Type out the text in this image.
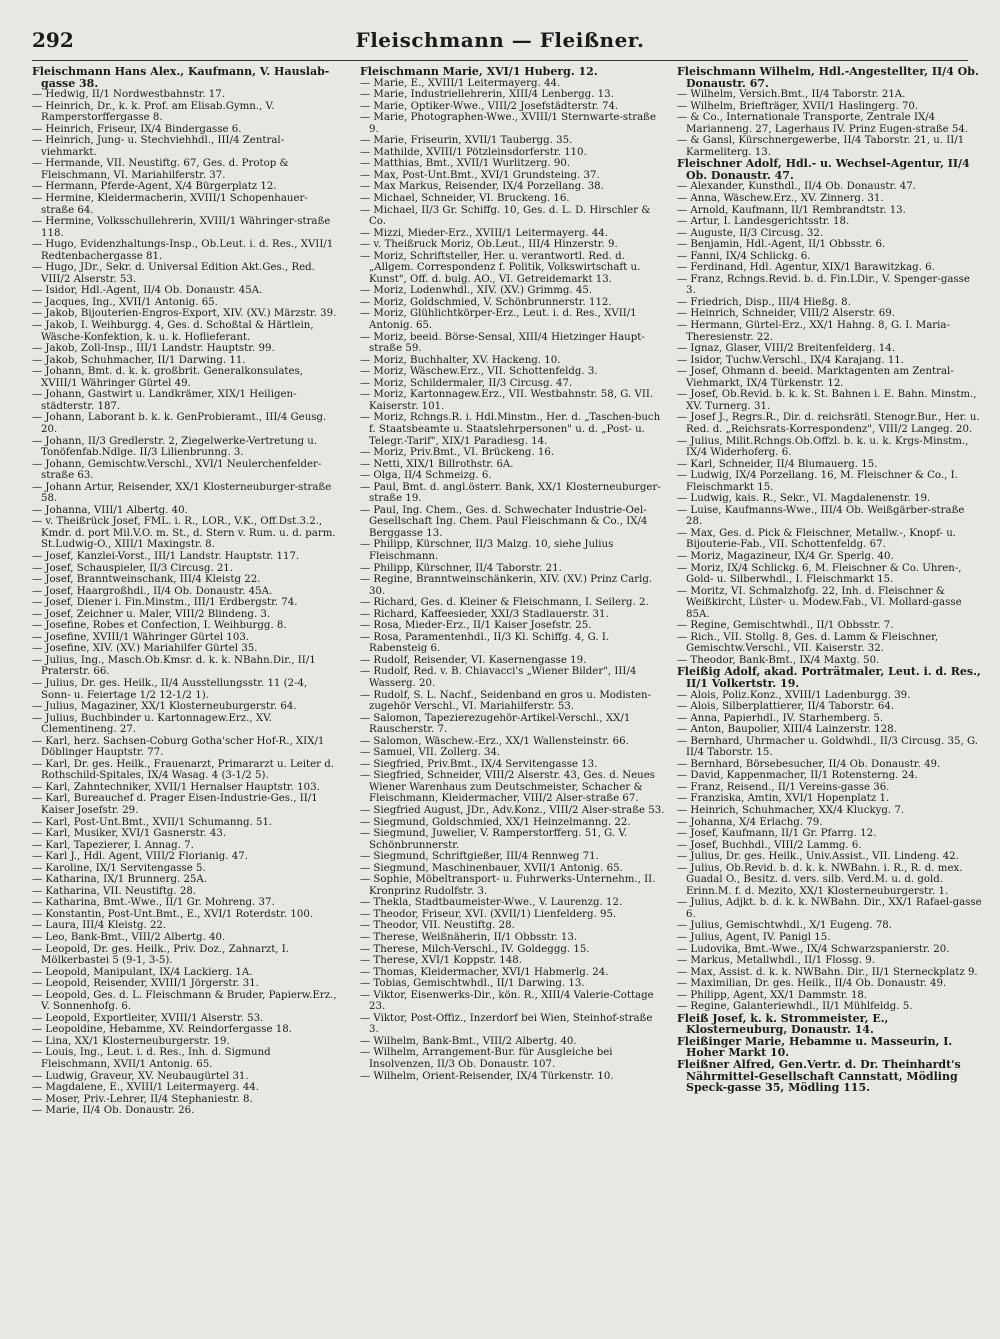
292	Fleischmann — Fleißner.

Fleischmann Hans Alex., Kaufmann, V. Hauslab-gasse 38.

— Hedwig, II/1 Nordwestbahnstr. 17.

— Heinrich, Dr., k. k. Prof. am Elisab.Gymn., V. Ramperstorffergasse 8.

— Heinrich, Friseur, IX/4 Bindergasse 6.

— Heinrich, Jung- u. Stechviehhdl., III/4 Zentral-viehmarkt.

— Hermande, VII. Neustiftg. 67, Ges. d. Protop & Fleischmann, VI. Mariahilferstr. 37.

— Hermann, Pferde-Agent, X/4 Bürgerplatz 12.

— Hermine, Kleidermacherin, XVIII/1 Schopenhauer-straße 64.

— Hermine, Volksschullehrerin, XVIII/1 Währinger-straße 118.

— Hugo, Evidenzhaltungs-Insp., Ob.Leut. i. d. Res., XVII/1 Redtenbachergasse 81.

— Hugo, JDr., Sekr. d. Universal Edition Akt.Ges., Red. VIII/2 Alserstr. 53.

— Isidor, Hdl.-Agent, II/4 Ob. Donaustr. 45A.

— Jacques, Ing., XVII/1 Antonig. 65.

— Jakob, Bijouterien-Engros-Export, XIV. (XV.) Märzstr. 39.

— Jakob, I. Weihburgg. 4, Ges. d. Schoßtal & Härtlein, Wäsche-Konfektion, k. u. k. Hoflieferant.

— Jakob, Zoll-Insp., III/1 Landstr. Hauptstr. 99.

— Jakob, Schuhmacher, II/1 Darwing. 11.

— Johann, Bmt. d. k. k. großbrit. Generalkonsulates, XVIII/1 Währinger Gürtel 49.

— Johann, Gastwirt u. Landkrämer, XIX/1 Heiligen-städterstr. 187.

— Johann, Laborant b. k. k. GenProbieramt., III/4 Geusg. 20.

— Johann, II/3 Gredlerstr. 2, Ziegelwerke-Vertretung u. Tonöfenfab.Ndlge. II/3 Lilienbrunng. 3.

— Johann, Gemischtw.Verschl., XVI/1 Neulerchenfelder-straße 63.

— Johann Artur, Reisender, XX/1 Klosterneuburger-straße 58.

— Johanna, VIII/1 Albertg. 40.

— v. Theißrück Josef, FML. i. R., LOR., V.K., Off.Dst.3.2., Kmdr. d. port Mil.V.O. m. St., d. Stern v. Rum. u. d. parm. St.Ludwig-O., XIII/1 Maxingstr. 8.

— Josef, Kanzlei-Vorst., III/1 Landstr. Hauptstr. 117.

— Josef, Schauspieler, II/3 Circusg. 21.

— Josef, Branntweinschank, III/4 Kleistg 22.

— Josef, Haargroßhdl., II/4 Ob. Donaustr. 45A.

— Josef, Diener i. Fin.Minstm., III/1 Erdbergstr. 74.

— Josef, Zeichner u. Maler, VIII/2 Blindeng. 3.

— Josefine, Robes et Confection, I. Weihburgg. 8.

— Josefine, XVIII/1 Währinger Gürtel 103.

— Josefine, XIV. (XV.) Mariahilfer Gürtel 35.

— Julius, Ing., Masch.Ob.Kmsr. d. k. k. NBahn.Dir., II/1 Praterstr. 66.

— Julius, Dr. ges. Heilk., II/4 Ausstellungsstr. 11 (2-4, Sonn- u. Feiertage 1/2 12-1/2 1).

— Julius, Magaziner, XX/1 Klosterneuburgerstr. 64.

— Julius, Buchbinder u. Kartonnagew.Erz., XV. Clementineng. 27.

— Karl, herz. Sachsen-Coburg Gotha'scher Hof-R., XIX/1 Döblinger Hauptstr. 77.

— Karl, Dr. ges. Heilk., Frauenarzt, Primararzt u. Leiter d. Rothschild-Spitales, IX/4 Wasag. 4 (3-1/2 5).

— Karl, Zahntechniker, XVII/1 Hernalser Hauptstr. 103.

— Karl, Bureauchef d. Prager Eisen-Industrie-Ges., II/1 Kaiser Josefstr. 29.

— Karl, Post-Unt.Bmt., XVII/1 Schumanng. 51.

— Karl, Musiker, XVI/1 Gasnerstr. 43.

— Karl, Tapezierer, I. Annag. 7.

— Karl J., Hdl. Agent, VIII/2 Florianig. 47.

— Karoline, IX/1 Servitengasse 5.

— Katharina, IX/1 Brunnerg. 25A.

— Katharina, VII. Neustiftg. 28.

— Katharina, Bmt.-Wwe., II/1 Gr. Mohreng. 37.

— Konstantin, Post-Unt.Bmt., E., XVI/1 Roterdstr. 100.

— Laura, III/4 Kleistg. 22.

— Leo, Bank-Bmt., VIII/2 Albertg. 40.

— Leopold, Dr. ges. Heilk., Priv. Doz., Zahnarzt, I. Mölkerbastei 5 (9-1, 3-5).

— Leopold, Manipulant, IX/4 Lackierg. 1A.

— Leopold, Reisender, XVIII/1 Jörgerstr. 31.

— Leopold, Ges. d. L. Fleischmann & Bruder, Papierw.Erz., V. Sonnenhofg. 6.

— Leopold, Exportleiter, XVIII/1 Alserstr. 53.

— Leopoldine, Hebamme, XV. Reindorfergasse 18.

— Lina, XX/1 Klosterneuburgerstr. 19.

— Louis, Ing., Leut. i. d. Res., Inh. d. Sigmund Fleischmann, XVII/1 Antonig. 65.

— Ludwig, Graveur, XV. Neubaugürtel 31.

— Magdalene, E., XVIII/1 Leitermayerg. 44.

— Moser, Priv.-Lehrer, II/4 Stephaniestr. 8.

— Marie, II/4 Ob. Donaustr. 26.

Fleischmann Marie, XVI/1 Huberg. 12.

— Marie, E., XVIII/1 Leitermayerg. 44.

— Marie, Industriellehrerin, XIII/4 Lenbergg. 13.

— Marie, Optiker-Wwe., VIII/2 Josefstädterstr. 74.

— Marie, Photographen-Wwe., XVIII/1 Sternwarte-straße 9.

— Marie, Friseurin, XVII/1 Taubergg. 35.

— Mathilde, XVIII/1 Pötzleinsdorferstr. 110.

— Matthias, Bmt., XVII/1 Wurlitzerg. 90.

— Max, Post-Unt.Bmt., XVI/1 Grundsteing. 37.

— Max Markus, Reisender, IX/4 Porzellang. 38.

— Michael, Schneider, VI. Bruckeng. 16.

— Michael, II/3 Gr. Schiffg. 10, Ges. d. L. D. Hirschler & Co.

— Mizzi, Mieder-Erz., XVIII/1 Leitermayerg. 44.

— v. Theißruck Moriz, Ob.Leut., III/4 Hinzerstr. 9.

— Moriz, Schriftsteller, Her. u. verantwortl. Red. d. „Allgem. Correspondenz f. Politik, Volkswirtschaft u. Kunst", Off. d. bulg. AO., VI. Getreidemarkt 13.

— Moriz, Lodenwhdl., XIV. (XV.) Grimmg. 45.

— Moriz, Goldschmied, V. Schönbrunnerstr. 112.

— Moriz, Glühlichtkörper-Erz., Leut. i. d. Res., XVII/1 Antonig. 65.

— Moriz, beeid. Börse-Sensal, XIII/4 Hietzinger Haupt-straße 59.

— Moriz, Buchhalter, XV. Hackeng. 10.

— Moriz, Wäschew.Erz., VII. Schottenfeldg. 3.

— Moriz, Schildermaler, II/3 Circusg. 47.

— Moriz, Kartonnagew.Erz., VII. Westbahnstr. 58, G. VII. Kaiserstr. 101.

— Moriz, Rchngs.R. i. Hdl.Minstm., Her. d. „Taschen-buch f. Staatsbeamte u. Staatslehrpersonen" u. d. „Post- u. Telegr.-Tarif", XIX/1 Paradiesg. 14.

— Moriz, Priv.Bmt., VI. Brückeng. 16.

— Netti, XIX/1 Billrothstr. 6A.

— Olga, II/4 Schmeizg. 6.

— Paul, Bmt. d. angl.österr. Bank, XX/1 Klosterneuburger-straße 19.

— Paul, Ing. Chem., Ges. d. Schwechater Industrie-Oel-Gesellschaft Ing. Chem. Paul Fleischmann & Co., IX/4 Berggasse 13.

— Philipp, Kürschner, II/3 Malzg. 10, siehe Julius Fleischmann.

— Philipp, Kürschner, II/4 Taborstr. 21.

— Regine, Branntweinschänkerin, XIV. (XV.) Prinz Carlg. 30.

— Richard, Ges. d. Kleiner & Fleischmann, I. Seilerg. 2.

— Richard, Kaffeesieder, XXI/3 Stadlauerstr. 31.

— Rosa, Mieder-Erz., II/1 Kaiser Josefstr. 25.

— Rosa, Paramentenhdl., II/3 Kl. Schiffg. 4, G. I. Rabensteig 6.

— Rudolf, Reisender, VI. Kasernengasse 19.

— Rudolf, Red. v. B. Chiavacci's „Wiener Bilder", III/4 Wasserg. 20.

— Rudolf, S. L. Nachf., Seidenband en gros u. Modisten-zugehör Verschl., VI. Mariahilferstr. 53.

— Salomon, Tapezierezugehör-Artikel-Verschl., XX/1 Rauscherstr. 7.

— Salomon, Wäschew.-Erz., XX/1 Wallensteinstr. 66.

— Samuel, VII. Zollerg. 34.

— Siegfried, Priv.Bmt., IX/4 Servitengasse 13.

— Siegfried, Schneider, VIII/2 Alserstr. 43, Ges. d. Neues Wiener Warenhaus zum Deutschmeister, Schacher & Fleischmann, Kleidermacher, VIII/2 Alser-straße 67.

— Siegfried August, JDr., Adv.Konz., VIII/2 Alser-straße 53.

— Siegmund, Goldschmied, XX/1 Heinzelmanng. 22.

— Siegmund, Juwelier, V. Ramperstorfferg. 51, G. V. Schönbrunnerstr.

— Siegmund, Schriftgießer, III/4 Rennweg 71.

— Siegmund, Maschinenbauer, XVII/1 Antonig. 65.

— Sophie, Möbeltransport- u. Fuhrwerks-Unternehm., II. Kronprinz Rudolfstr. 3.

— Thekla, Stadtbaumeister-Wwe., V. Laurenzg. 12.

— Theodor, Friseur, XVI. (XVII/1) Lienfelderg. 95.

— Theodor, VII. Neustiftg. 28.

— Therese, Weißnäherin, II/1 Obbsstr. 13.

— Therese, Milch-Verschl., IV. Goldeggg. 15.

— Therese, XVI/1 Koppstr. 148.

— Thomas, Kleidermacher, XVI/1 Habmerlg. 24.

— Tobias, Gemischtwhdl., II/1 Darwing. 13.

— Viktor, Eisenwerks-Dir., kön. R., XIII/4 Valerie-Cottage 23.

— Viktor, Post-Offiz., Inzerdorf bei Wien, Steinhof-straße 3.

— Wilhelm, Bank-Bmt., VIII/2 Albertg. 40.

— Wilhelm, Arrangement-Bur. für Ausgleiche bei Insolvenzen, II/3 Ob. Donaustr. 107.

— Wilhelm, Orient-Reisender, IX/4 Türkenstr. 10.

Fleischmann Wilhelm, Hdl.-Angestellter, II/4 Ob. Donaustr. 67.

— Wilhelm, Versich.Bmt., II/4 Taborstr. 21A.

— Wilhelm, Briefträger, XVII/1 Haslingerg. 70.

— & Co., Internationale Transporte, Zentrale IX/4 Marianneng. 27, Lagerhaus IV. Prinz Eugen-straße 54.

— & Gansl, Kürschnergewerbe, II/4 Taborstr. 21, u. II/1 Karmeliterg. 13.

Fleischner Adolf, Hdl.- u. Wechsel-Agentur, II/4 Ob. Donaustr. 47.

— Alexander, Kunsthdl., II/4 Ob. Donaustr. 47.

— Anna, Wäschew.Erz., XV. Zinnerg. 31.

— Arnold, Kaufmann, II/1 Rembrandtstr. 13.

— Artur, I. Landesgerichtsstr. 18.

— Auguste, II/3 Circusg. 32.

— Benjamin, Hdl.-Agent, II/1 Obbsstr. 6.

— Fanni, IX/4 Schlickg. 6.

— Ferdinand, Hdl. Agentur, XIX/1 Barawitzkag. 6.

— Franz, Rchngs.Revid. b. d. Fin.LDir., V. Spenger-gasse 3.

— Friedrich, Disp., III/4 Hießg. 8.

— Heinrich, Schneider, VIII/2 Alserstr. 69.

— Hermann, Gürtel-Erz., XX/1 Hahng. 8, G. I. Maria-Theresienstr. 22.

— Ignaz, Glaser, VIII/2 Breitenfelderg. 14.

— Isidor, Tuchw.Verschl., IX/4 Karajang. 11.

— Josef, Ohmann d. beeid. Marktagenten am Zentral-Viehmarkt, IX/4 Türkenstr. 12.

— Josef, Ob.Revid. b. k. k. St. Bahnen i. E. Bahn. Minstm., XV. Turnerg. 31.

— Josef J., Regrs.R., Dir. d. reichsrätl. Stenogr.Bur., Her. u. Red. d. „Reichsrats-Korrespondenz", VIII/2 Langeg. 20.

— Julius, Milit.Rchngs.Ob.Offzl. b. k. u. k. Krgs-Minstm., IX/4 Widerhoferg. 6.

— Karl, Schneider, II/4 Blumauerg. 15.

— Ludwig, IX/4 Porzellang. 16, M. Fleischner & Co., I. Fleischmarkt 15.

— Ludwig, kais. R., Sekr., VI. Magdalenenstr. 19.

— Luise, Kaufmanns-Wwe., III/4 Ob. Weißgärber-straße 28.

— Max, Ges. d. Pick & Fleischner, Metallw.-, Knopf- u. Bijouterie-Fab., VII. Schottenfeldg. 67.

— Moriz, Magazineur, IX/4 Gr. Sperlg. 40.

— Moriz, IX/4 Schlickg. 6, M. Fleischner & Co. Uhren-, Gold- u. Silberwhdl., I. Fleischmarkt 15.

— Moritz, VI. Schmalzhofg. 22, Inh. d. Fleischner & Weißkircht, Lüster- u. Modew.Fab., VI. Mollard-gasse 85A.

— Regine, Gemischtwhdl., II/1 Obbsstr. 7.

— Rich., VII. Stollg. 8, Ges. d. Lamm & Fleischner, Gemischtw.Verschl., VII. Kaiserstr. 32.

— Theodor, Bank-Bmt., IX/4 Maxtg. 50.

Fleißig Adolf, akad. Porträtmaler, Leut. i. d. Res., II/1 Volkertstr. 19.

— Alois, Poliz.Konz., XVIII/1 Ladenburgg. 39.

— Alois, Silberplattierer, II/4 Taborstr. 64.

— Anna, Papierhdl., IV. Starhemberg. 5.

— Anton, Baupolier, XIII/4 Lainzerstr. 128.

— Bernhard, Uhrmacher u. Goldwhdl., II/3 Circusg. 35, G. II/4 Taborstr. 15.

— Bernhard, Börsebesucher, II/4 Ob. Donaustr. 49.

— David, Kappenmacher, II/1 Rotensterng. 24.

— Franz, Reisend., II/1 Vereins-gasse 36.

— Franziska, Amtin, XVI/1 Hopenplatz 1.

— Heinrich, Schuhmacher, XX/4 Kluckyg. 7.

— Johanna, X/4 Erlachg. 79.

— Josef, Kaufmann, II/1 Gr. Pfarrg. 12.

— Josef, Buchhdl., VIII/2 Lammg. 6.

— Julius, Dr. ges. Heilk., Univ.Assist., VII. Lindeng. 42.

— Julius, Ob.Revid. b. d. k. k. NWBahn. i. R., R. d. mex. Guadal O., Besitz. d. vers. silb. Verd.M. u. d. gold. Erinn.M. f. d. Mezito, XX/1 Klosterneuburgerstr. 1.

— Julius, Adjkt. b. d. k. k. NWBahn. Dir., XX/1 Rafael-gasse 6.

— Julius, Gemischtwhdl., X/1 Eugeng. 78.

— Julius, Agent, IV. Panigl 15.

— Ludovika, Bmt.-Wwe., IX/4 Schwarzspanierstr. 20.

— Markus, Metallwhdl., II/1 Flossg. 9.

— Max, Assist. d. k. k. NWBahn. Dir., II/1 Sterneckplatz 9.

— Maximilian, Dr. ges. Heilk., II/4 Ob. Donaustr. 49.

— Philipp, Agent, XX/1 Dammstr. 18.

— Regine, Galanteriewhdl., II/1 Mühlfeldg. 5.

Fleiß Josef, k. k. Strommeister, E., Klosterneuburg, Donaustr. 14.

Fleißinger Marie, Hebamme u. Masseurin, I. Hoher Markt 10.

Fleißner Alfred, Gen.Vertr. d. Dr. Theinhardt's Nährmittel-Gesellschaft Cannstatt, Mödling Speck-gasse 35, Mödling 115.
